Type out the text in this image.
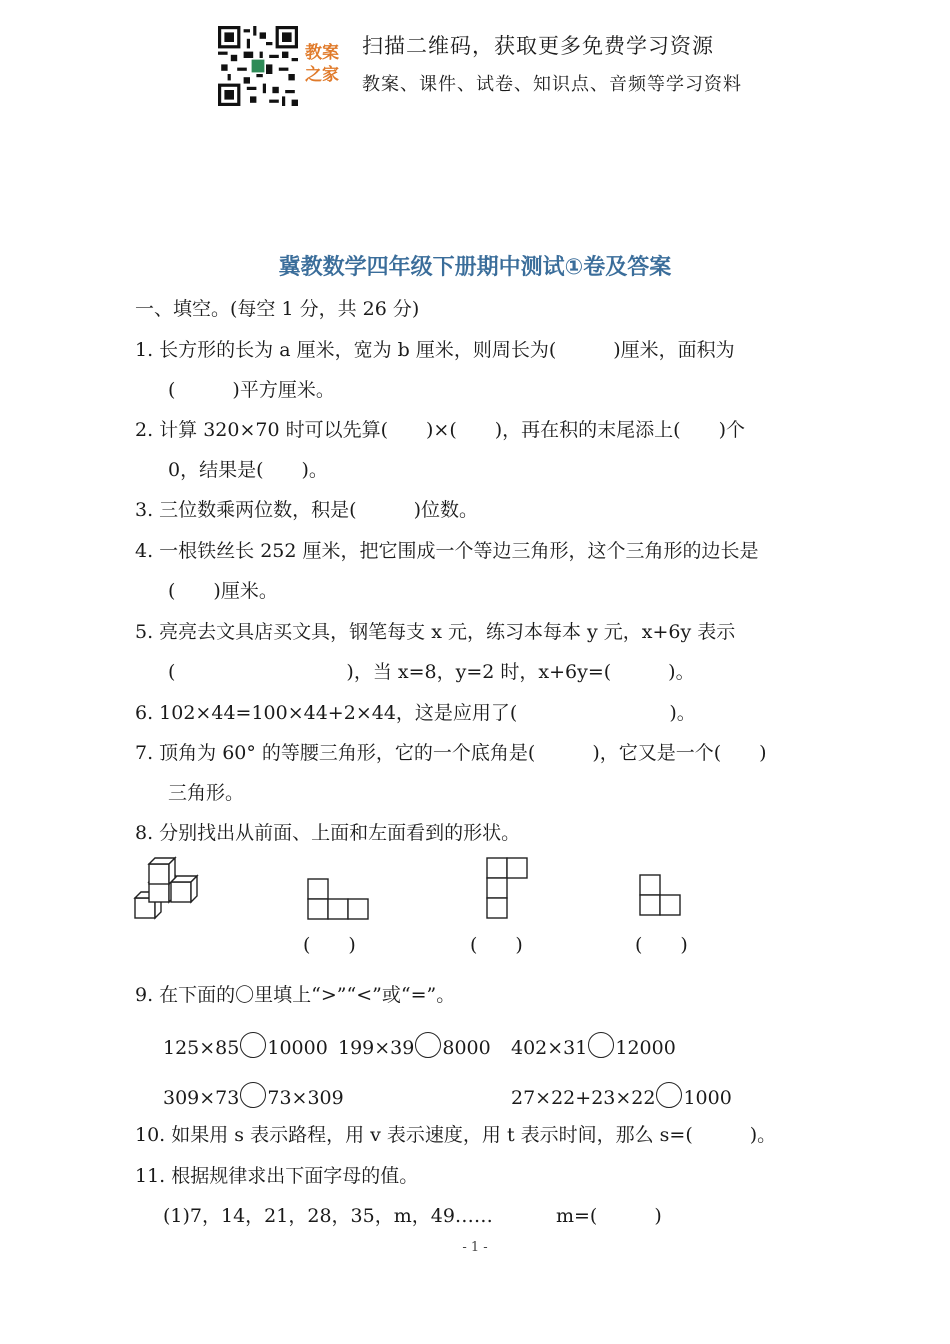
教案之家
扫描二维码，获取更多免费学习资源
教案、课件、试卷、知识点、音频等学习资料
冀教数学四年级下册期中测试①卷及答案
一、填空。(每空 1 分，共 26 分)
1. 长方形的长为 a 厘米，宽为 b 厘米，则周长为(　　　)厘米，面积为
(　　　)平方厘米。
2. 计算 320×70 时可以先算(　　)×(　　)，再在积的末尾添上(　　)个
0，结果是(　　)。
3. 三位数乘两位数，积是(　　　)位数。
4. 一根铁丝长 252 厘米，把它围成一个等边三角形，这个三角形的边长是
(　　)厘米。
5. 亮亮去文具店买文具，钢笔每支 x 元，练习本每本 y 元，x+6y 表示
(　　　　　　　　　)，当 x=8，y=2 时，x+6y=(　　　)。
6. 102×44=100×44+2×44，这是应用了(　　　　　　　　)。
7. 顶角为 60° 的等腰三角形，它的一个底角是(　　　)，它又是一个(　　)
三角形。
8. 分别找出从前面、上面和左面看到的形状。
(　　)	(　　)	(　　)
9. 在下面的〇里填上“>”“<”或“=”。
125×85 10000 199×39 8000 402×31 12000
309×73 73×309	27×22+23×22 1000
10. 如果用 s 表示路程，用 v 表示速度，用 t 表示时间，那么 s=(　　　)。
11. 根据规律求出下面字母的值。
(1)7，14，21，28，35，m，49……	m=(　　　)
- 1 -
